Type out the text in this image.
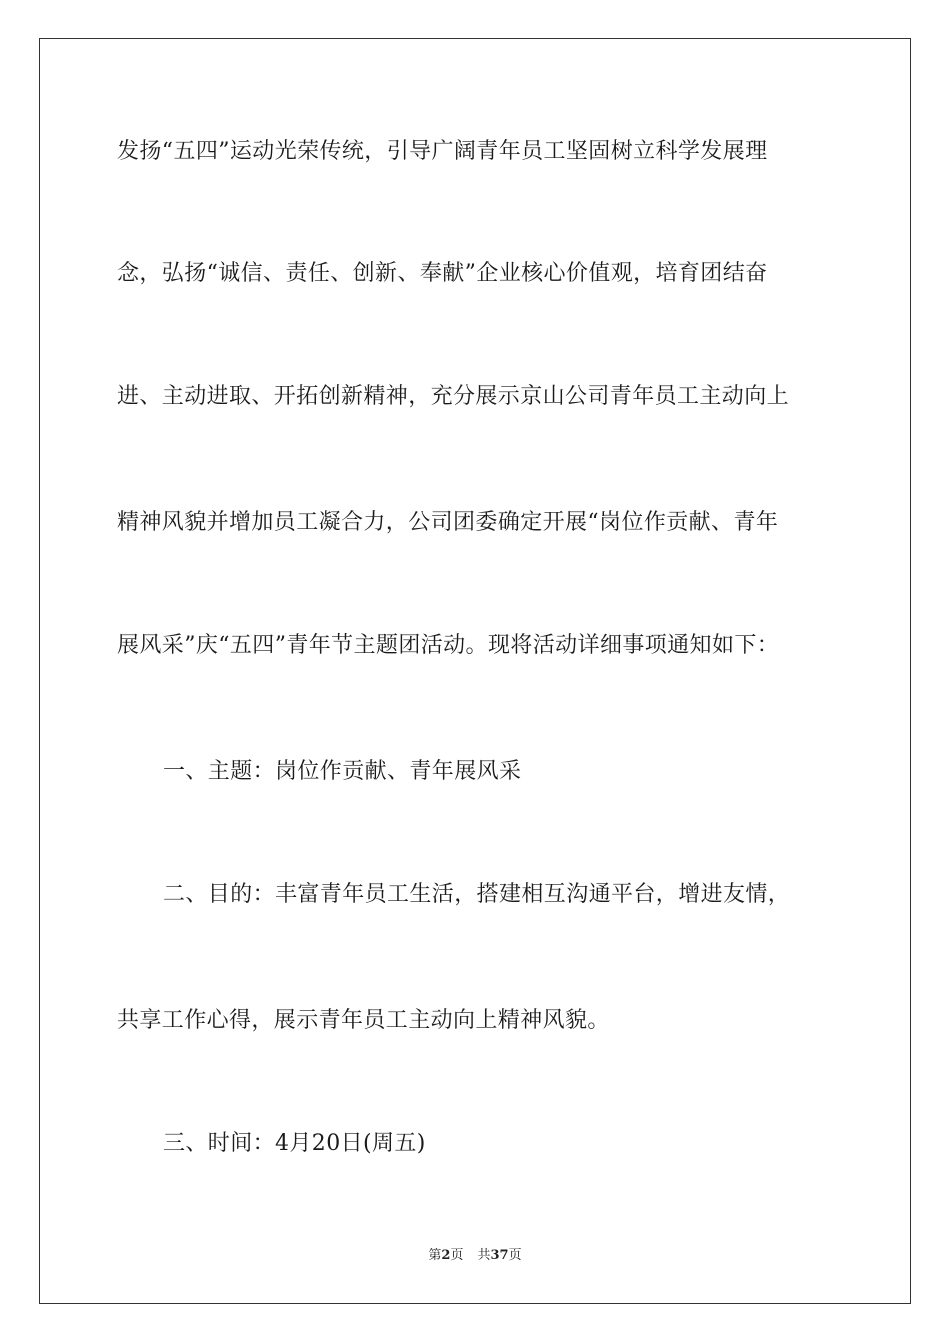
发扬“五四”运动光荣传统，引导广阔青年员工坚固树立科学发展理
念，弘扬“诚信、责任、创新、奉献”企业核心价值观，培育团结奋
进、主动进取、开拓创新精神，充分展示京山公司青年员工主动向上
精神风貌并增加员工凝合力，公司团委确定开展“岗位作贡献、青年
展风采”庆“五四”青年节主题团活动。现将活动详细事项通知如下：
一、主题：岗位作贡献、青年展风采
二、目的：丰富青年员工生活，搭建相互沟通平台，增进友情，
共享工作心得，展示青年员工主动向上精神风貌。
三、时间：4月20日(周五)
第2页 共37页
